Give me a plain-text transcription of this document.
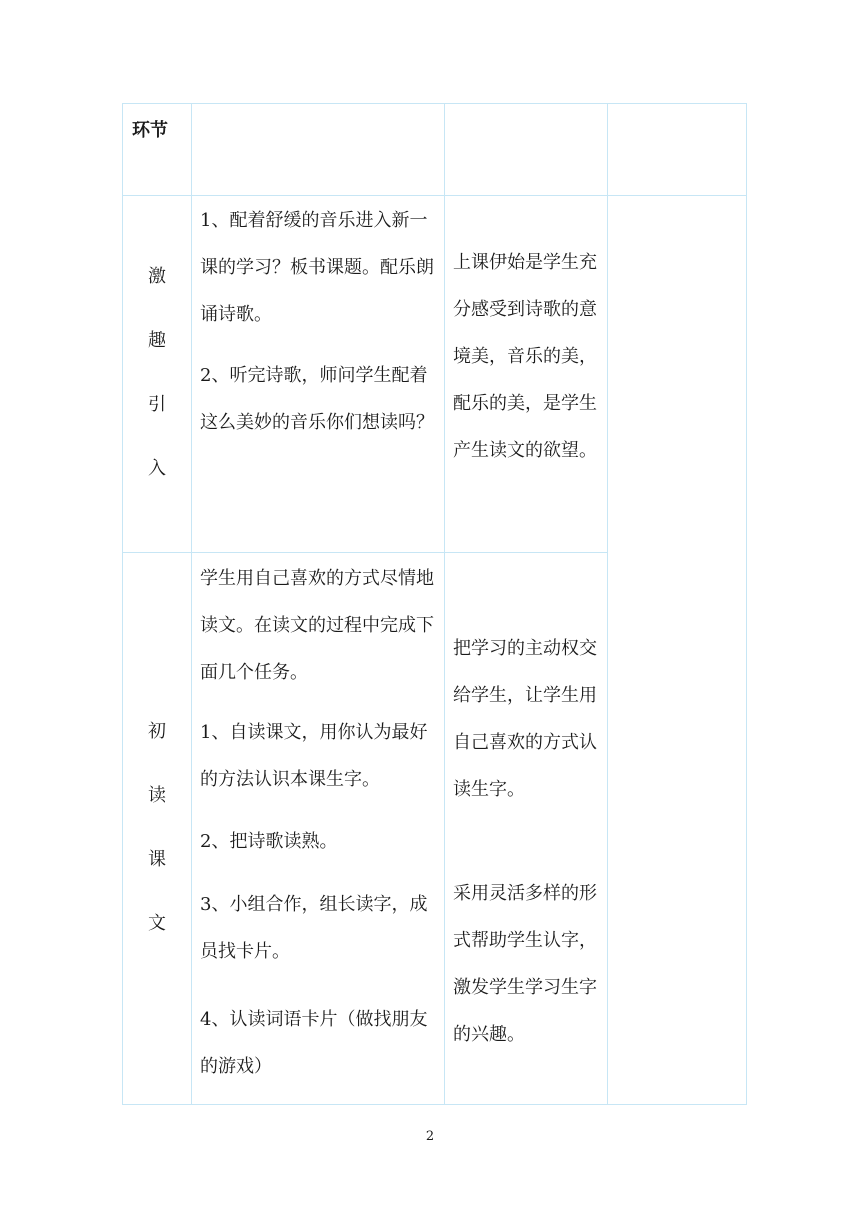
环节
激
趣
引
入
1、配着舒缓的音乐进入新一课的学习？板书课题。配乐朗诵诗歌。
2、听完诗歌，师问学生配着这么美妙的音乐你们想读吗？
上课伊始是学生充分感受到诗歌的意境美，音乐的美，配乐的美，是学生产生读文的欲望。
初
读
课
文
学生用自己喜欢的方式尽情地读文。在读文的过程中完成下面几个任务。
1、自读课文，用你认为最好的方法认识本课生字。
2、把诗歌读熟。
3、小组合作，组长读字，成员找卡片。
4、认读词语卡片（做找朋友的游戏）
把学习的主动权交给学生，让学生用自己喜欢的方式认读生字。
采用灵活多样的形式帮助学生认字，激发学生学习生字的兴趣。
2
